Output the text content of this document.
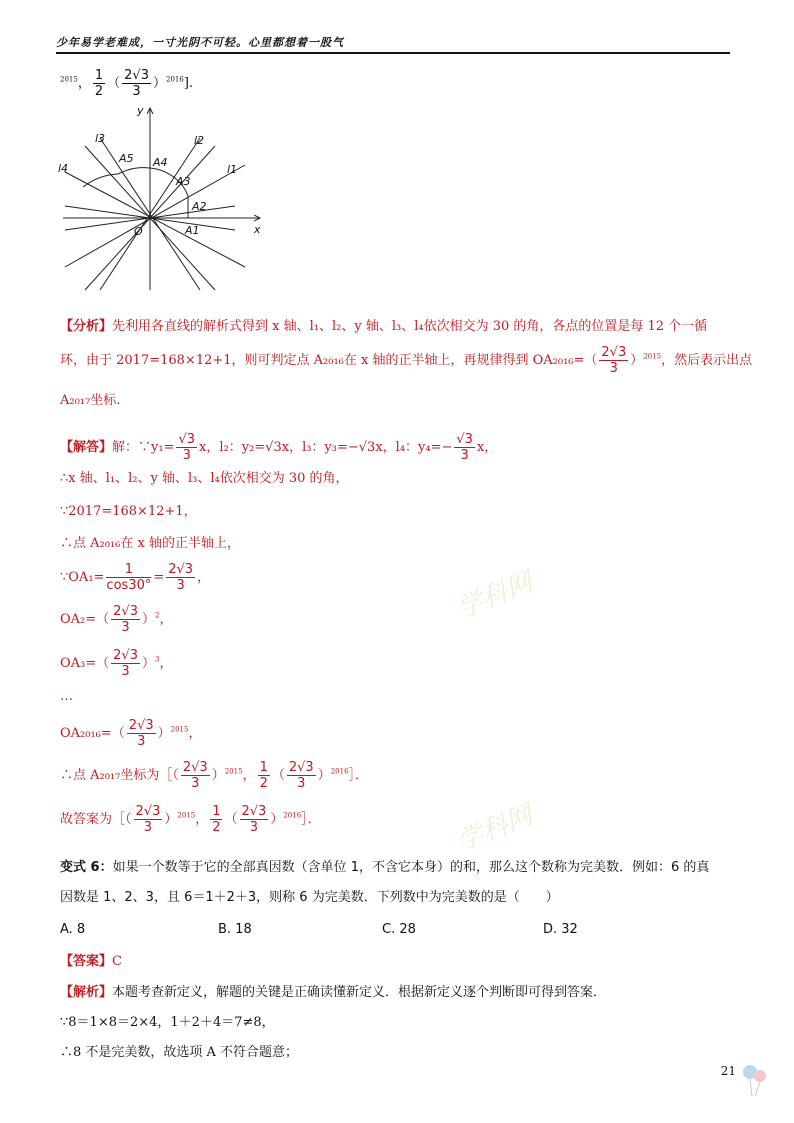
少年易学老难成，一寸光阴不可轻。心里都想着一股气
$^{2015}$， $\frac{1}{2}$ （ $\frac{2√3}{3} )^{2016}$].
y
x
O
l1
l2
l3
l4
A1
A2
A3
A4
A5
【分析】先利用各直线的解析式得到 x 轴、l₁、l₂、y 轴、l₃、l₄依次相交为 30 的角，各点的位置是每 12 个一循
环，由于 2017=168×12+1，则可判定点 A₂₀₁₆在 x 轴的正半轴上，再规律得到 $OA_{2016}=( \frac{2√3}{3} )^{2015}$，然后表示出点
A₂₀₁₇坐标．
【解答】解：∵y₁= $\frac{√3}{3}$ x，l₂：y₂=√3x，l₃：y₃=−√3x，l₄：$y_4=- \frac{√3}{3}$ x，
∴x 轴、l₁、l₂、y 轴、l₃、l₄依次相交为 30 的角，
∵2017=168×12+1，
∴点 A₂₀₁₆在 x 轴的正半轴上，
∵OA₁= $\frac{1}{\cos 30^\circ} = \frac{2√3}{3}$ ，
$OA_2=( \frac{2√3}{3} )^2$，
$OA_3=( \frac{2√3}{3} )^3$，
…
$OA_{2016}=( \frac{2√3}{3} )^{2015}$，
∴点 A₂₀₁₇坐标为［（ $\frac{2√3}{3} )^{2015}$， $\frac{1}{2}$ （ $\frac{2√3}{3}$ ）$^{2016}$］．
故答案为［（ $\frac{2√3}{3} )^{2015}$， $\frac{1}{2}$ （ $\frac{2√3}{3}$ ）$^{2016}$］．
学科网
学科网
变式 6：如果一个数等于它的全部真因数（含单位 1，不含它本身）的和，那么这个数称为完美数．例如：6 的真
因数是 1、2、3，且 6＝1＋2＋3，则称 6 为完美数．下列数中为完美数的是（　　）
A. 8	B. 18	C. 28	D. 32
【答案】C
【解析】本题考查新定义，解题的关键是正确读懂新定义．根据新定义逐个判断即可得到答案．
∵8＝1×8＝2×4，1＋2＋4＝7≠8，
∴8 不是完美数，故选项 A 不符合题意；
21
